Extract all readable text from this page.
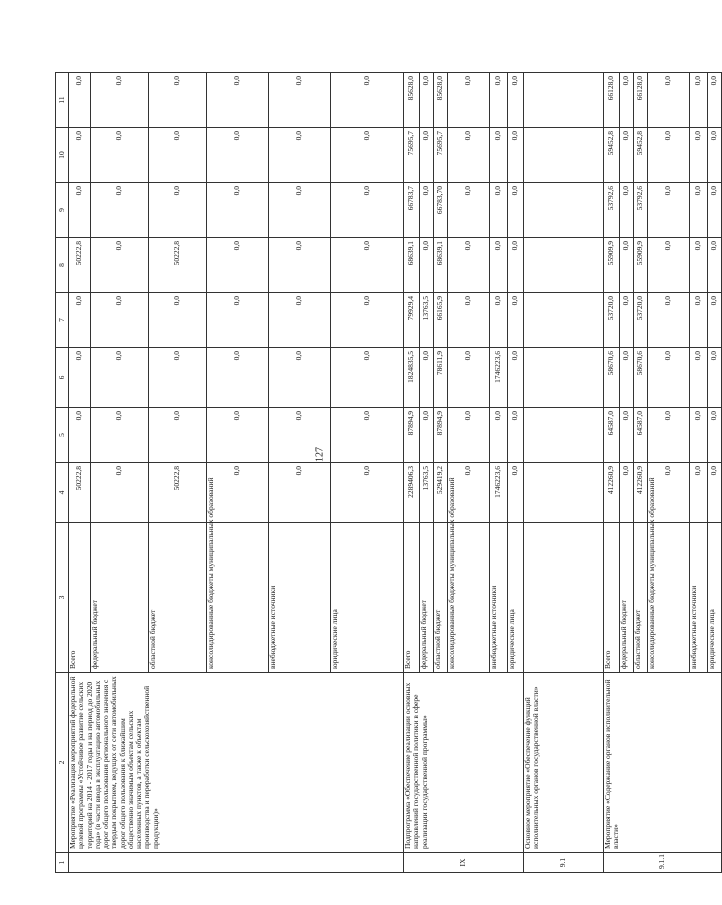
127
1	2	3	4	5	6	7	8	9	10	11
	Мероприятие «Реализация мероприятий федеральной целевой программы «Устойчивое развитие сельских территорий на 2014 - 2017 годы и на период до 2020 года» (в части ввода в эксплуатацию автомобильных дорог общего пользования регионального значения с твердым покрытием, ведущих от сети автомобильных дорог общего пользования к ближайшим общественно значимым объектам сельских населенных пунктов, а также к объектам производства и переработки сельскохозяйственной продукции)»	Всего	50222,8	0,0	0,0	0,0	50222,8	0,0	0,0	0,0
		федеральный бюджет	0,0	0,0	0,0	0,0	0,0	0,0	0,0	0,0
		областной бюджет	50222,8	0,0	0,0	0,0	50222,8	0,0	0,0	0,0
		консолидированные бюджеты муниципальных образований	0,0	0,0	0,0	0,0	0,0	0,0	0,0	0,0
		внебюджетные источники	0,0	0,0	0,0	0,0	0,0	0,0	0,0	0,0
		юридические лица	0,0	0,0	0,0	0,0	0,0	0,0	0,0	0,0
IX	Подпрограмма «Обеспечение реализации основных направлений государственной политики в сфере реализации государственной программы»	Всего	2289406,3	87894,9	1824835,5	79929,4	68639,1	66783,7	75695,7	85628,0
		федеральный бюджет	13763,5	0,0	0,0	13763,5	0,0	0,0	0,0	0,0
		областной бюджет	529419,2	87894,9	78611,9	66165,9	68639,1	66783,70	75695,7	85628,0
		консолидированные бюджеты муниципальных образований	0,0	0,0	0,0	0,0	0,0	0,0	0,0	0,0
		внебюджетные источники	1746223,6	0,0	1746223,6	0,0	0,0	0,0	0,0	0,0
		юридические лица	0,0	0,0	0,0	0,0	0,0	0,0	0,0	0,0
9.1	Основное мероприятие «Обеспечение функций исполнительных органов государственной власти»									
9.1.1	Мероприятие «Содержание органов исполнительной власти»	Всего	412260,9	64587,0	58670,6	53720,0	55909,9	53792,6	59452,8	66128,0
		федеральный бюджет	0,0	0,0	0,0	0,0	0,0	0,0	0,0	0,0
		областной бюджет	412260,9	64587,0	58670,6	53720,0	55909,9	53792,6	59452,8	66128,0
		консолидированные бюджеты муниципальных образований	0,0	0,0	0,0	0,0	0,0	0,0	0,0	0,0
		внебюджетные источники	0,0	0,0	0,0	0,0	0,0	0,0	0,0	0,0
		юридические лица	0,0	0,0	0,0	0,0	0,0	0,0	0,0	0,0
